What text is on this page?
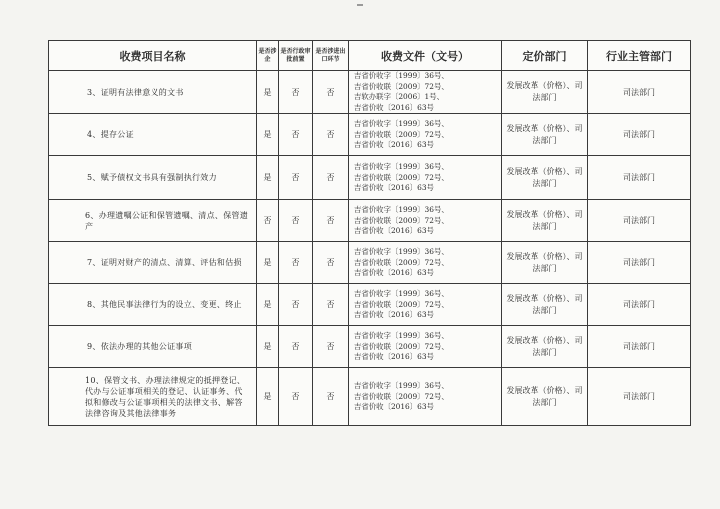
收费项目名称	是否涉企	是否行政审批前置	是否涉进出口环节	收费文件（文号）	定价部门	行业主管部门
3、证明有法律意义的文书	是	否	否	吉省价收字〔1999〕36号、
吉省价收联〔2009〕72号、
吉软办联字〔2006〕1号、
吉省价收〔2016〕63号	发展改革（价格）、司法部门	司法部门
4、提存公证	是	否	否	吉省价收字〔1999〕36号、
吉省价收联〔2009〕72号、
吉省价收〔2016〕63号	发展改革（价格）、司法部门	司法部门
5、赋予债权文书具有强制执行效力	是	否	否	吉省价收字〔1999〕36号、
吉省价收联〔2009〕72号、
吉省价收〔2016〕63号	发展改革（价格）、司法部门	司法部门
6、办理遗嘱公证和保管遗嘱、清点、保管遗产	否	否	否	吉省价收字〔1999〕36号、
吉省价收联〔2009〕72号、
吉省价收〔2016〕63号	发展改革（价格）、司法部门	司法部门
7、证明对财产的清点、清算、评估和估损	是	否	否	吉省价收字〔1999〕36号、
吉省价收联〔2009〕72号、
吉省价收〔2016〕63号	发展改革（价格）、司法部门	司法部门
8、其他民事法律行为的设立、变更、终止	是	否	否	吉省价收字〔1999〕36号、
吉省价收联〔2009〕72号、
吉省价收〔2016〕63号	发展改革（价格）、司法部门	司法部门
9、依法办理的其他公证事项	是	否	否	吉省价收字〔1999〕36号、
吉省价收联〔2009〕72号、
吉省价收〔2016〕63号	发展改革（价格）、司法部门	司法部门
10、保管文书、办理法律规定的抵押登记、代办与公证事项相关的登记、认证事务、代拟和修改与公证事项相关的法律文书、解答法律咨询及其他法律事务	是	否	否	吉省价收字〔1999〕36号、
吉省价收联〔2009〕72号、
吉省价收〔2016〕63号	发展改革（价格）、司法部门	司法部门
